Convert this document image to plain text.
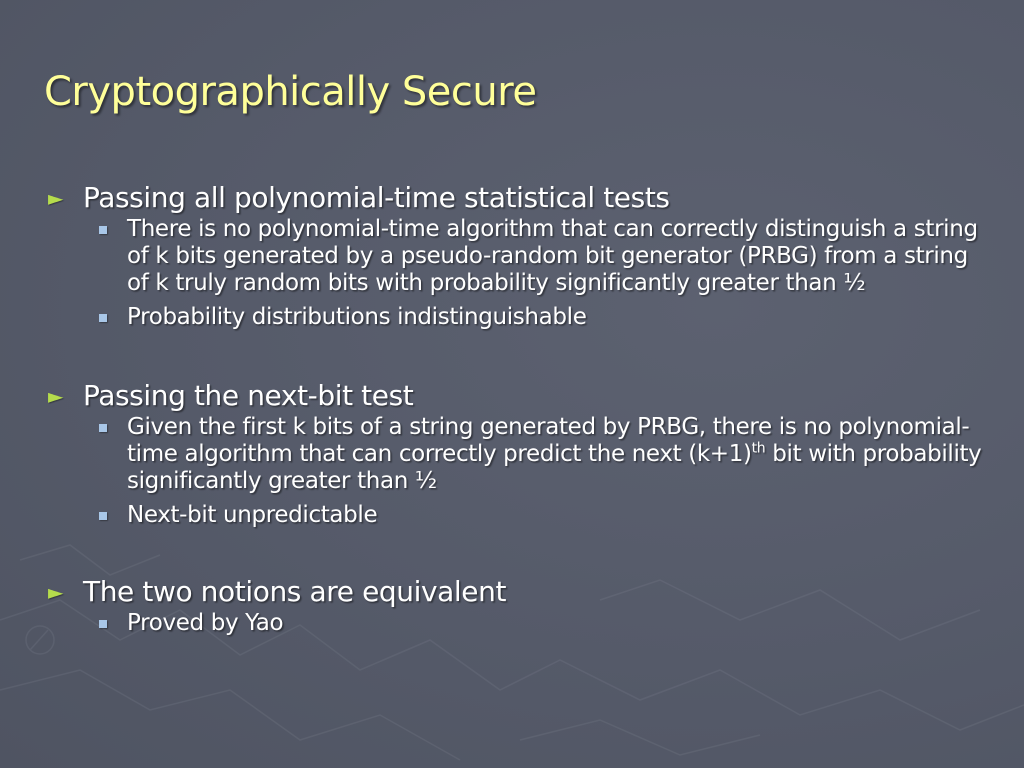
Cryptographically Secure
► Passing all polynomial-time statistical tests
There is no polynomial-time algorithm that can correctly distinguish a string of k bits generated by a pseudo-random bit generator (PRBG) from a string of k truly random bits with probability significantly greater than ½
Probability distributions indistinguishable
► Passing the next-bit test
Given the first k bits of a string generated by PRBG, there is no polynomial-time algorithm that can correctly predict the next $(k+1)^{th}$ bit with probability significantly greater than ½
Next-bit unpredictable
► The two notions are equivalent
Proved by Yao
